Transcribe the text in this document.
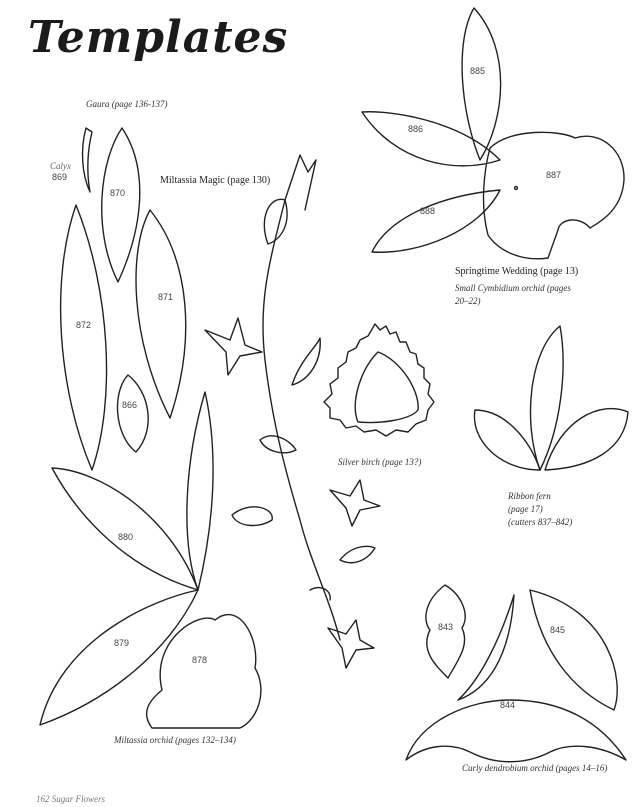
Templates
Gaura (page 136-137)
Calyx
869	Miltassia Magic (page 130)
Springtime Wedding (page 13)
Small Cymbidium orchid (pages
20–22)
Silver birch (page 13?)
Ribbon fern
(page 17)
(cutters 837–842)
Miltassia orchid (pages 132–134)
Curly dendrobium orchid (pages 14–16)
885
886
887
888
870
871
872
866
880
879
878
843	845
844
162 Sugar Flowers
